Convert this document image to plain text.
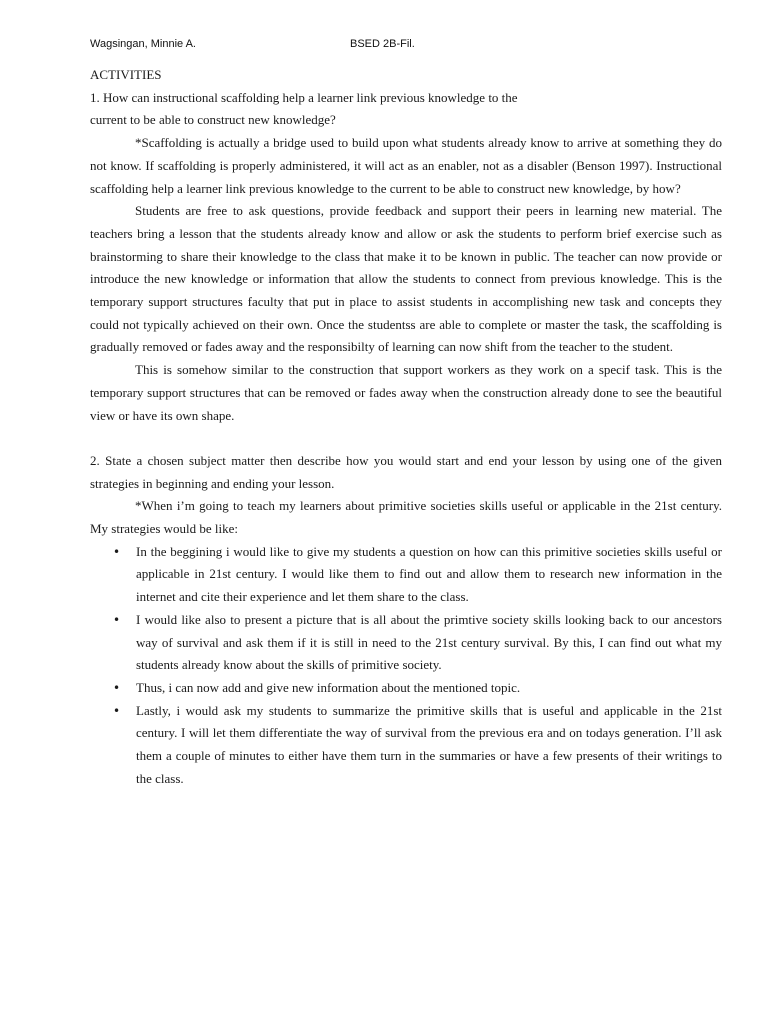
Wagsingan, Minnie A.	BSED 2B-Fil.

ACTIVITIES

1. How can instructional scaffolding help a learner link previous knowledge to the

current to be able to construct new knowledge?

*Scaffolding is actually a bridge used to build upon what students already know to arrive at something they do not know. If scaffolding is properly administered, it will act as an enabler, not as a disabler (Benson 1997). Instructional scaffolding help a learner link previous knowledge to the current to be able to construct new knowledge, by how?

Students are free to ask questions, provide feedback and support their peers in learning new material. The teachers bring a lesson that the students already know and allow or ask the students to perform brief exercise such as brainstorming to share their knowledge to the class that make it to be known in public. The teacher can now provide or introduce the new knowledge or information that allow the students to connect from previous knowledge. This is the temporary support structures faculty that put in place to assist students in accomplishing new task and concepts they could not typically achieved on their own. Once the studentss are able to complete or master the task, the scaffolding is gradually removed or fades away and the responsibilty of learning can now shift from the teacher to the student.

This is somehow similar to the construction that support workers as they work on a specif task. This is the temporary support structures that can be removed or fades away when the construction already done to see the beautiful view or have its own shape.

2. State a chosen subject matter then describe how you would start and end your lesson by using one of the given strategies in beginning and ending your lesson.

*When i’m going to teach my learners about primitive societies skills useful or applicable in the 21st century. My strategies would be like:

• In the beggining i would like to give my students a question on how can this primitive societies skills useful or applicable in 21st century. I would like them to find out and allow them to research new information in the internet and cite their experience and let them share to the class.
• I would like also to present a picture that is all about the primtive society skills looking back to our ancestors way of survival and ask them if it is still in need to the 21st century survival. By this, I can find out what my students already know about the skills of primitive society.
• Thus, i can now add and give new information about the mentioned topic.
• Lastly, i would ask my students to summarize the primitive skills that is useful and applicable in the 21st century. I will let them differentiate the way of survival from the previous era and on todays generation. I’ll ask them a couple of minutes to either have them turn in the summaries or have a few presents of their writings to the class.
